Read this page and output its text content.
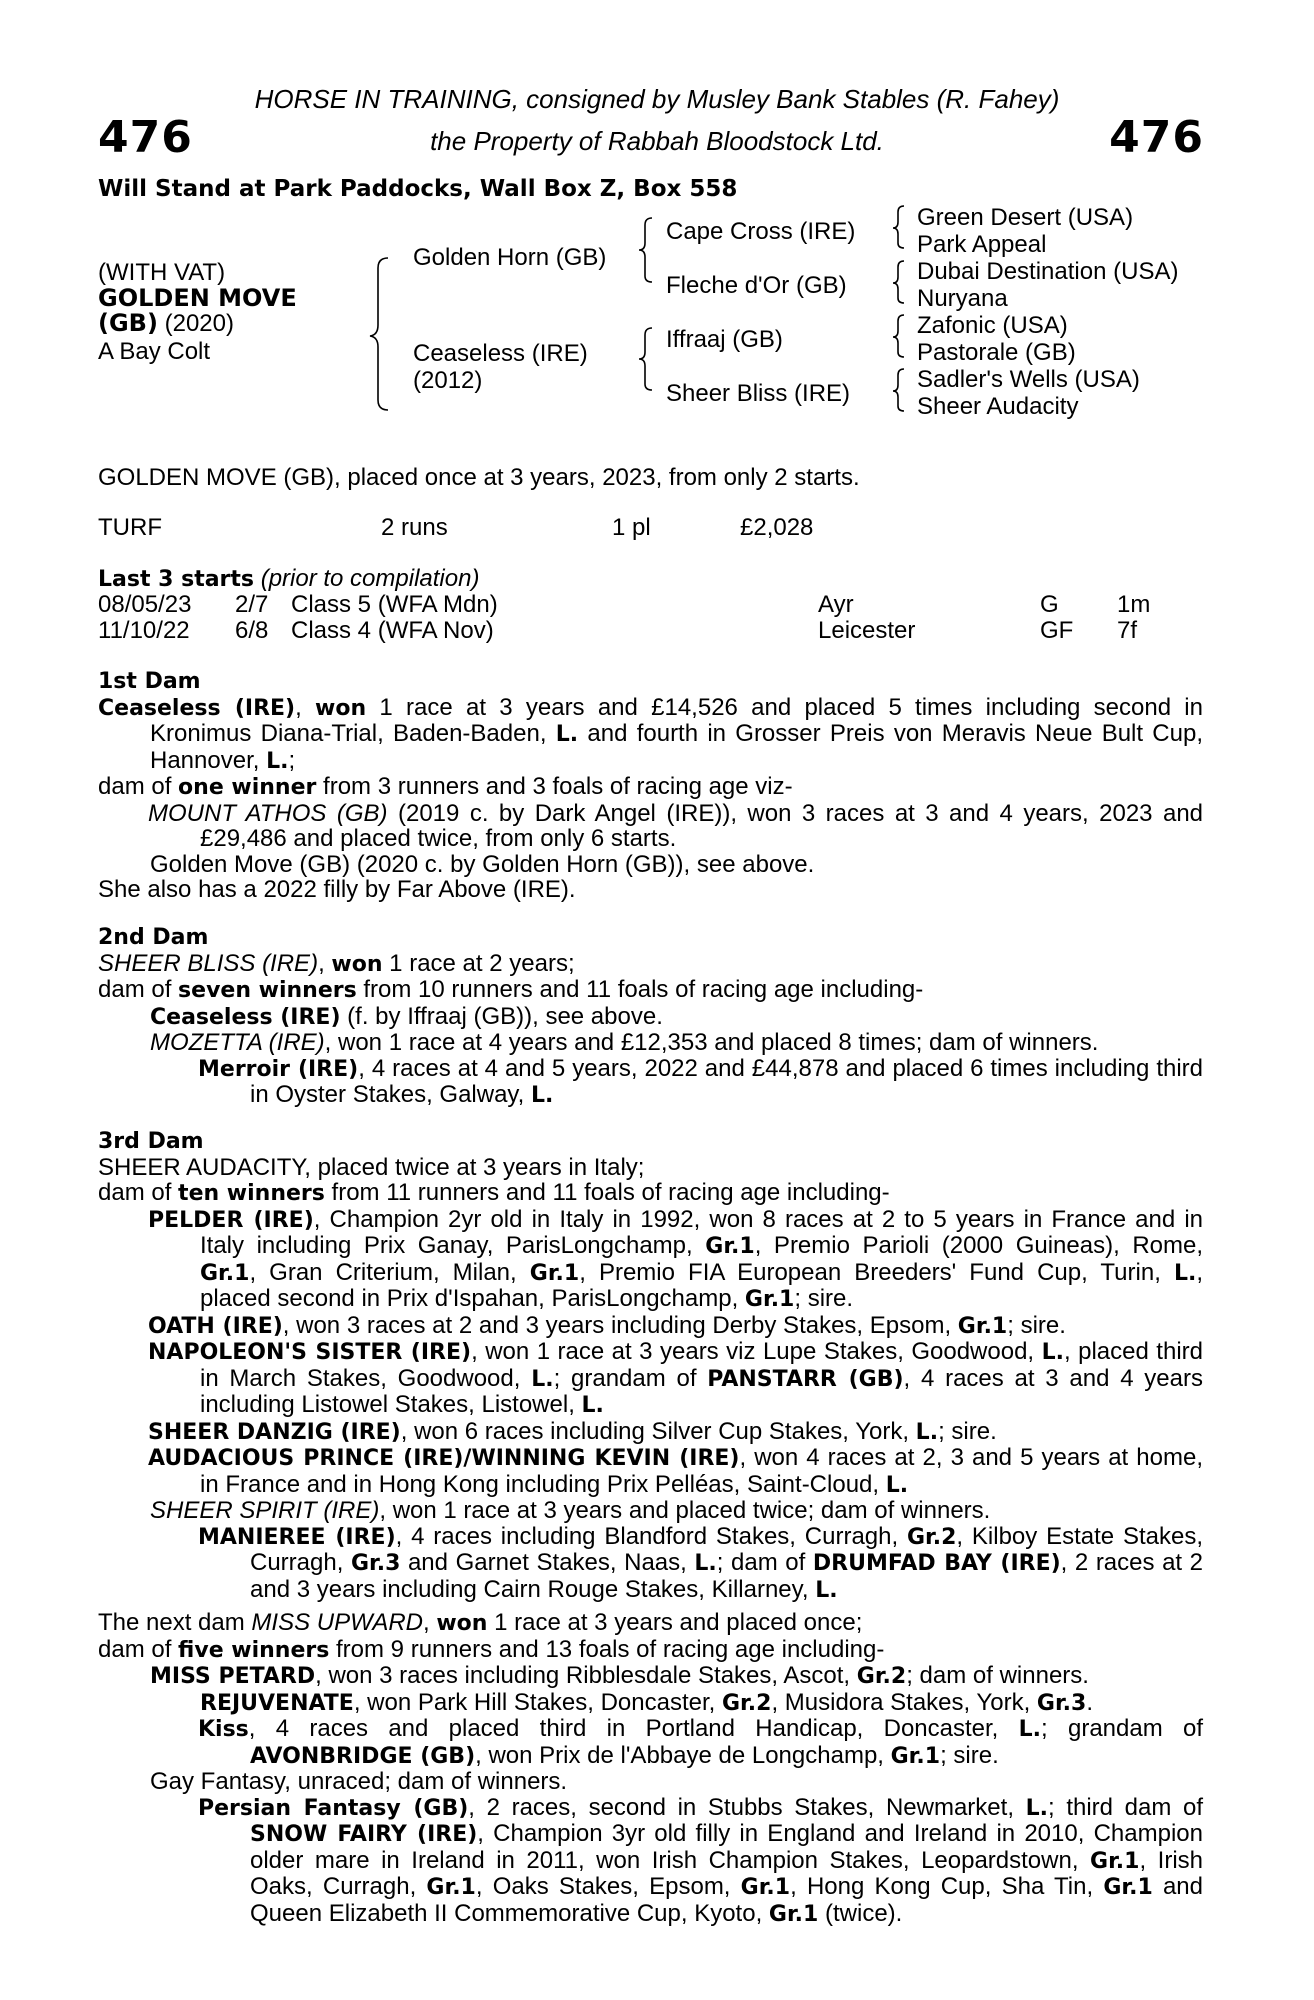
476	476
HORSE IN TRAINING, consigned by Musley Bank Stables (R. Fahey)
the Property of Rabbah Bloodstock Ltd.
Will Stand at Park Paddocks, Wall Box Z, Box 558
(WITH VAT)
GOLDEN MOVE
(GB) (2020)
A Bay Colt
Golden Horn (GB)
Ceaseless (IRE)
(2012)
Cape Cross (IRE)
Fleche d'Or (GB)
Iffraaj (GB)
Sheer Bliss (IRE)
Green Desert (USA)
Park Appeal
Dubai Destination (USA)
Nuryana
Zafonic (USA)
Pastorale (GB)
Sadler's Wells (USA)
Sheer Audacity
GOLDEN MOVE (GB), placed once at 3 years, 2023, from only 2 starts.
TURF	2 runs	1 pl	£2,028
Last 3 starts (prior to compilation)
08/05/23 2/7 Class 5 (WFA Mdn)	Ayr	G 1m
11/10/22 6/8 Class 4 (WFA Nov)	Leicester	GF 7f

1st Dam

Ceaseless (IRE), won 1 race at 3 years and £14,526 and placed 5 times including second in Kronimus Diana-Trial, Baden-Baden, L. and fourth in Grosser Preis von Meravis Neue Bult Cup, Hannover, L.;

dam of one winner from 3 runners and 3 foals of racing age viz-

MOUNT ATHOS (GB) (2019 c. by Dark Angel (IRE)), won 3 races at 3 and 4 years, 2023 and £29,486 and placed twice, from only 6 starts.

Golden Move (GB) (2020 c. by Golden Horn (GB)), see above.

She also has a 2022 filly by Far Above (IRE).

2nd Dam

SHEER BLISS (IRE), won 1 race at 2 years;

dam of seven winners from 10 runners and 11 foals of racing age including-

Ceaseless (IRE) (f. by Iffraaj (GB)), see above.

MOZETTA (IRE), won 1 race at 4 years and £12,353 and placed 8 times; dam of winners.

Merroir (IRE), 4 races at 4 and 5 years, 2022 and £44,878 and placed 6 times including third in Oyster Stakes, Galway, L.

3rd Dam

SHEER AUDACITY, placed twice at 3 years in Italy;

dam of ten winners from 11 runners and 11 foals of racing age including-

PELDER (IRE), Champion 2yr old in Italy in 1992, won 8 races at 2 to 5 years in France and in Italy including Prix Ganay, ParisLongchamp, Gr.1, Premio Parioli (2000 Guineas), Rome, Gr.1, Gran Criterium, Milan, Gr.1, Premio FIA European Breeders' Fund Cup, Turin, L., placed second in Prix d'Ispahan, ParisLongchamp, Gr.1; sire.

OATH (IRE), won 3 races at 2 and 3 years including Derby Stakes, Epsom, Gr.1; sire.

NAPOLEON'S SISTER (IRE), won 1 race at 3 years viz Lupe Stakes, Goodwood, L., placed third in March Stakes, Goodwood, L.; grandam of PANSTARR (GB), 4 races at 3 and 4 years including Listowel Stakes, Listowel, L.

SHEER DANZIG (IRE), won 6 races including Silver Cup Stakes, York, L.; sire.

AUDACIOUS PRINCE (IRE)/WINNING KEVIN (IRE), won 4 races at 2, 3 and 5 years at home, in France and in Hong Kong including Prix Pelléas, Saint-Cloud, L.

SHEER SPIRIT (IRE), won 1 race at 3 years and placed twice; dam of winners.

MANIEREE (IRE), 4 races including Blandford Stakes, Curragh, Gr.2, Kilboy Estate Stakes, Curragh, Gr.3 and Garnet Stakes, Naas, L.; dam of DRUMFAD BAY (IRE), 2 races at 2 and 3 years including Cairn Rouge Stakes, Killarney, L.

The next dam MISS UPWARD, won 1 race at 3 years and placed once;

dam of five winners from 9 runners and 13 foals of racing age including-

MISS PETARD, won 3 races including Ribblesdale Stakes, Ascot, Gr.2; dam of winners.

REJUVENATE, won Park Hill Stakes, Doncaster, Gr.2, Musidora Stakes, York, Gr.3.

Kiss, 4 races and placed third in Portland Handicap, Doncaster, L.; grandam of AVONBRIDGE (GB), won Prix de l'Abbaye de Longchamp, Gr.1; sire.

Gay Fantasy, unraced; dam of winners.

Persian Fantasy (GB), 2 races, second in Stubbs Stakes, Newmarket, L.; third dam of SNOW FAIRY (IRE), Champion 3yr old filly in England and Ireland in 2010, Champion older mare in Ireland in 2011, won Irish Champion Stakes, Leopardstown, Gr.1, Irish Oaks, Curragh, Gr.1, Oaks Stakes, Epsom, Gr.1, Hong Kong Cup, Sha Tin, Gr.1 and Queen Elizabeth II Commemorative Cup, Kyoto, Gr.1 (twice).
